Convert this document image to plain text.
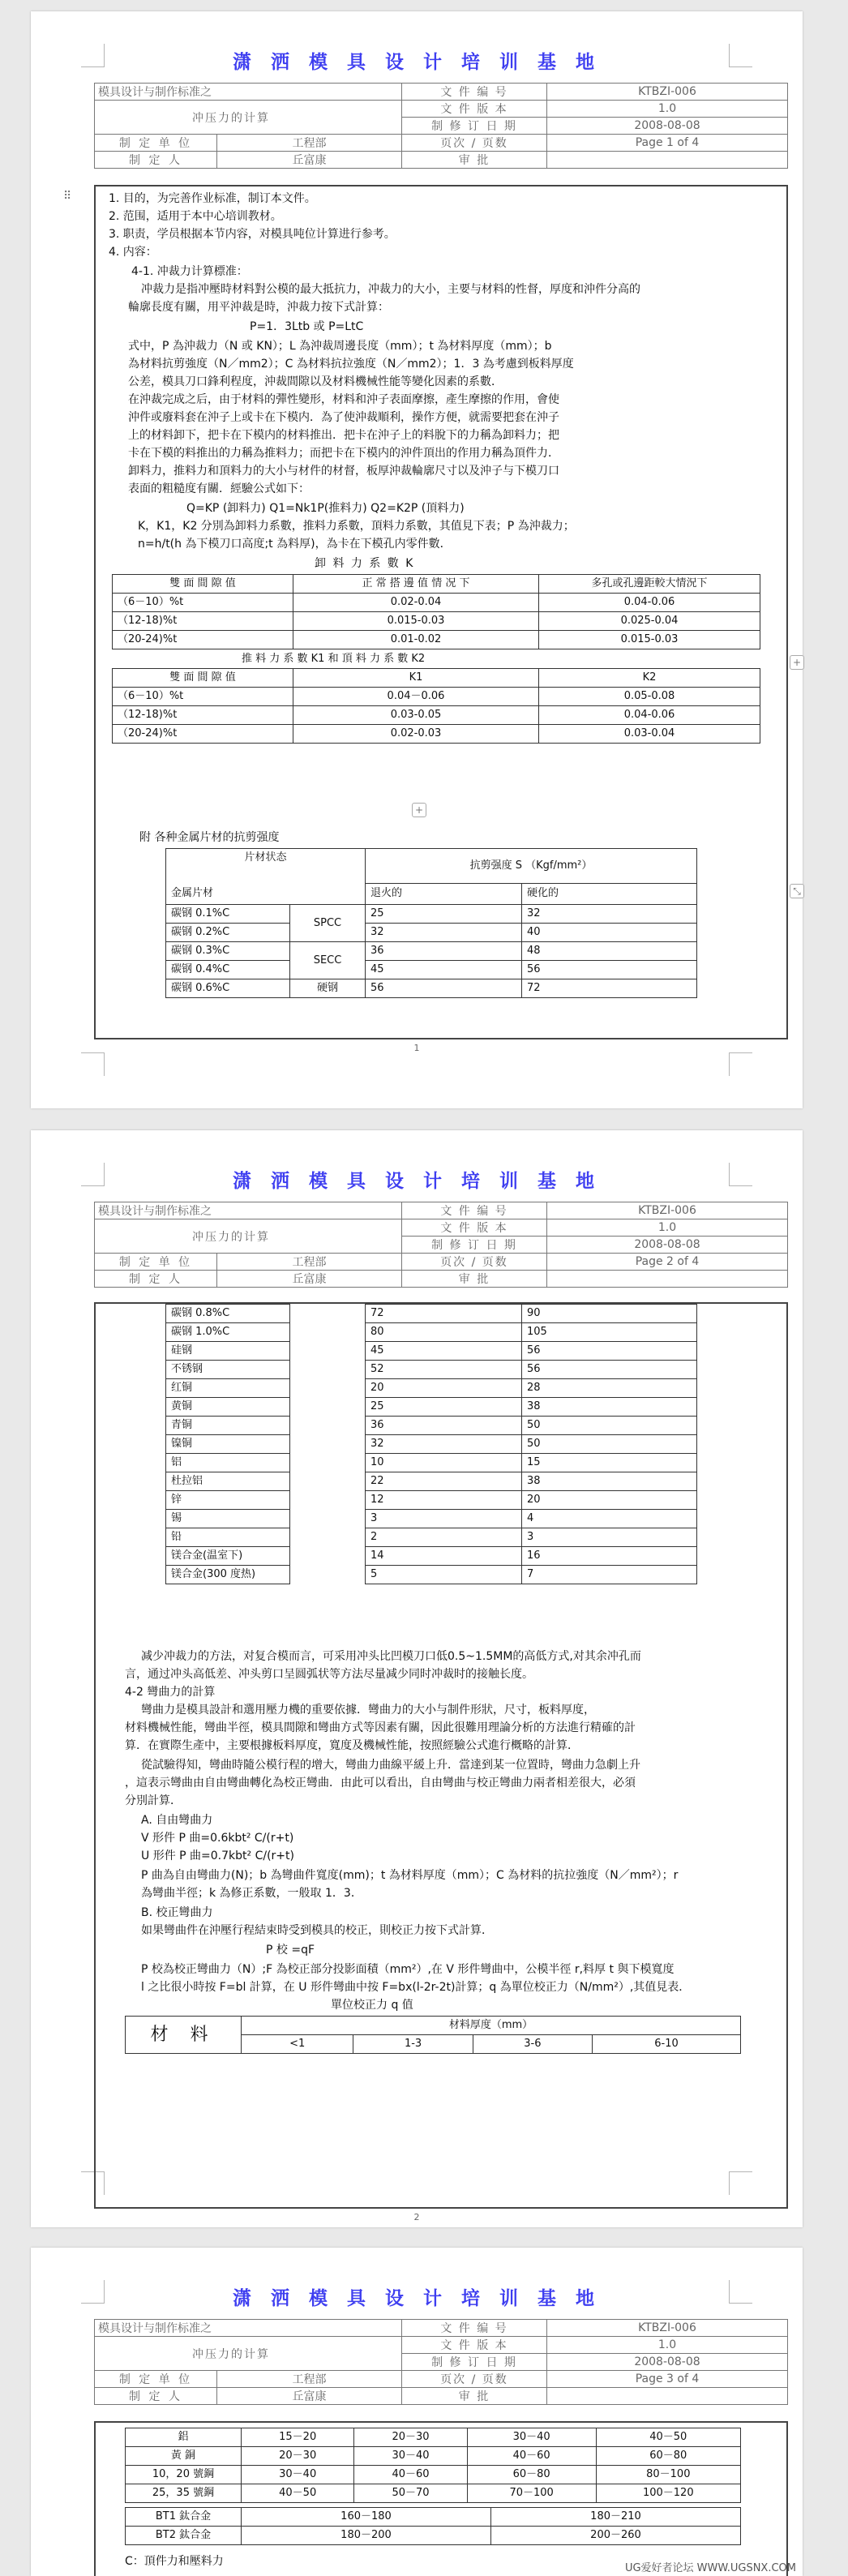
潇 洒 模 具 设 计 培 训 基 地
模具设计与制作标准之	文 件 编 号	KTBZI-006
冲压力的计算	文 件 版 本	1.0
	制 修 订 日 期	2008-08-08

制 定 单 位 工程部	页次 / 页数	Page 1 of 4

制 定 人 丘富康	审 批	
⠿	1. 目的，为完善作业标准，制订本文件。
2. 范围，适用于本中心培训教材。
3. 职责，学员根据本节内容，对模具吨位计算进行参考。
4. 内容：
4-1. 冲裁力计算標准：
冲裁力是指冲壓時材料對公模的最大抵抗力，冲裁力的大小，主要与材料的性督，厚度和沖件分高的
輪廓長度有關，用平沖裁是時，沖裁力按下式計算：
P=1．3Ltb 或 P=LtC
式中，P 為沖裁力（N 或 KN）；L 為沖裁周邊長度（mm）；t 為材料厚度（mm）；b
為材料抗剪強度（N／mm2）；C 為材料抗拉強度（N／mm2）；1．3 為考慮到板料厚度
公差，模具刀口鋒利程度，沖裁間隙以及材料機械性能等變化因素的系數．
在沖裁完成之后，由于材料的彈性變形，材料和沖子表面摩擦，產生摩擦的作用，會使
沖件或廢料套在沖子上或卡在下模内．為了使沖裁順利，操作方便，就需要把套在沖子
上的材料卸下，把卡在下模内的材料推出．把卡在沖子上的料脫下的力稱為卸料力；把
卡在下模的料推出的力稱為推料力；而把卡在下模内的沖件頂出的作用力稱為頂件力．
卸料力，推料力和頂料力的大小与材件的材督，板厚沖裁輪廓尺寸以及沖子与下模刀口
表面的粗糙度有關．經驗公式如下：
Q=KP (卸料力) Q1=Nk1P(推料力) Q2=K2P (頂料力)
K，K1，K2 分別為卸料力系數，推料力系數，頂料力系數，其值見下表；P 為沖裁力；
n=h/t(h 為下模刀口高度;t 為料厚)，為卡在下模孔内零件數．
卸 料 力 系 數 K
雙 面 間 隙 值	正 常 搭 邊 值 情 况 下	多孔或孔邊距較大情況下
（6－10）%t	0.02-0.04	0.04-0.06
（12-18)%t	0.015-0.03	0.025-0.04
（20-24)%t	0.01-0.02	0.015-0.03
推 料 力 系 數 K1 和 頂 料 力 系 數 K2
雙 面 間 隙 值	K1	K2
（6－10）%t	0.04－0.06	0.05-0.08
（12-18)%t	0.03-0.05	0.04-0.06
（20-24)%t	0.02-0.03	0.03-0.04
附 各种金属片材的抗剪强度
片材状态		抗剪强度 S （Kgf/mm²）	

金属片材		退火的	硬化的
碳钢 0.1%C	SPCC	25	32
碳钢 0.2%C		32	40
碳钢 0.3%C	SECC	36	48
碳钢 0.4%C		45	56
碳钢 0.6%C	硬钢	56	72
+
⤡
+
1
潇 洒 模 具 设 计 培 训 基 地
模具设计与制作标准之	文 件 编 号	KTBZI-006
冲压力的计算	文 件 版 本	1.0
	制 修 订 日 期	2008-08-08

制 定 单 位 工程部	页次 / 页数	Page 2 of 4

制 定 人 丘富康	审 批	
碳钢 0.8%C		72	90
碳钢 1.0%C		80	105
硅钢		45	56
不锈钢		52	56
红铜		20	28
黄铜		25	38
青铜		36	50
镍铜		32	50
铝		10	15
杜拉铝		22	38
锌		12	20
锡		3	4
铅		2	3
镁合金(温室下)		14	16
镁合金(300 度热)		5	7
减少冲裁力的方法，对复合模而言，可采用冲头比凹模刀口低0.5~1.5MM的高低方式,对其余冲孔而
言，通过冲头高低差、冲头剪口呈圆弧状等方法尽量减少同时冲裁时的接触长度。
4-2 彎曲力的計算
彎曲力是模具設計和選用壓力機的重要依據．彎曲力的大小与制件形狀，尺寸，板料厚度，
材料機械性能，彎曲半徑，模具間隙和彎曲方式等因素有關，因此很難用理論分析的方法進行精確的計
算．在實際生產中，主要根據板料厚度，寬度及機械性能，按照經驗公式進行概略的計算．
從試驗得知，彎曲時隨公模行程的增大，彎曲力曲線平緩上升．當達到某一位置時，彎曲力急劇上升
，這表示彎曲由自由彎曲轉化為校正彎曲．由此可以看出，自由彎曲与校正彎曲力兩者相差很大，必須
分別計算．
A. 自由彎曲力
V 形件 P 曲=0.6kbt² C/(r+t)
U 形件 P 曲=0.7kbt² C/(r+t)
P 曲為自由彎曲力(N)；b 為彎曲件寬度(mm)；t 為材料厚度（mm）；C 為材料的抗拉強度（N／mm²）；r
為彎曲半徑；k 為修正系數，一般取 1．3．
B. 校正彎曲力
如果彎曲件在沖壓行程結束時受到模具的校正，則校正力按下式計算．
P 校 =qF
P 校為校正彎曲力（N）;F 為校正部分投影面積（mm²）,在 V 形件彎曲中，公模半徑 r,料厚 t 與下模寬度
l 之比很小時按 F=bl 計算，在 U 形件彎曲中按 F=bx(l-2r-2t)計算；q 為單位校正力（N/mm²）,其值見表．
單位校正力 q 值
材 料	材料厚度（mm）			
	<1	1-3	3-6	6-10
2
潇 洒 模 具 设 计 培 训 基 地
模具设计与制作标准之	文 件 编 号	KTBZI-006
冲压力的计算	文 件 版 本	1.0
	制 修 订 日 期	2008-08-08

制 定 单 位 工程部	页次 / 页数	Page 3 of 4

制 定 人 丘富康	审 批	
鋁	15－20	20－30	30－40	40－50
黃 銅	20－30	30－40	40－60	60－80
10，20 號鋼	30－40	40－60	60－80	80－100
25，35 號鋼	40－50	50－70	70－100	100－120
BT1 鈦合金	160－180	180－210
BT2 鈦合金	180－200	200－260
C：頂件力和壓料力
UG爱好者论坛 WWW.UGSNX.COM
